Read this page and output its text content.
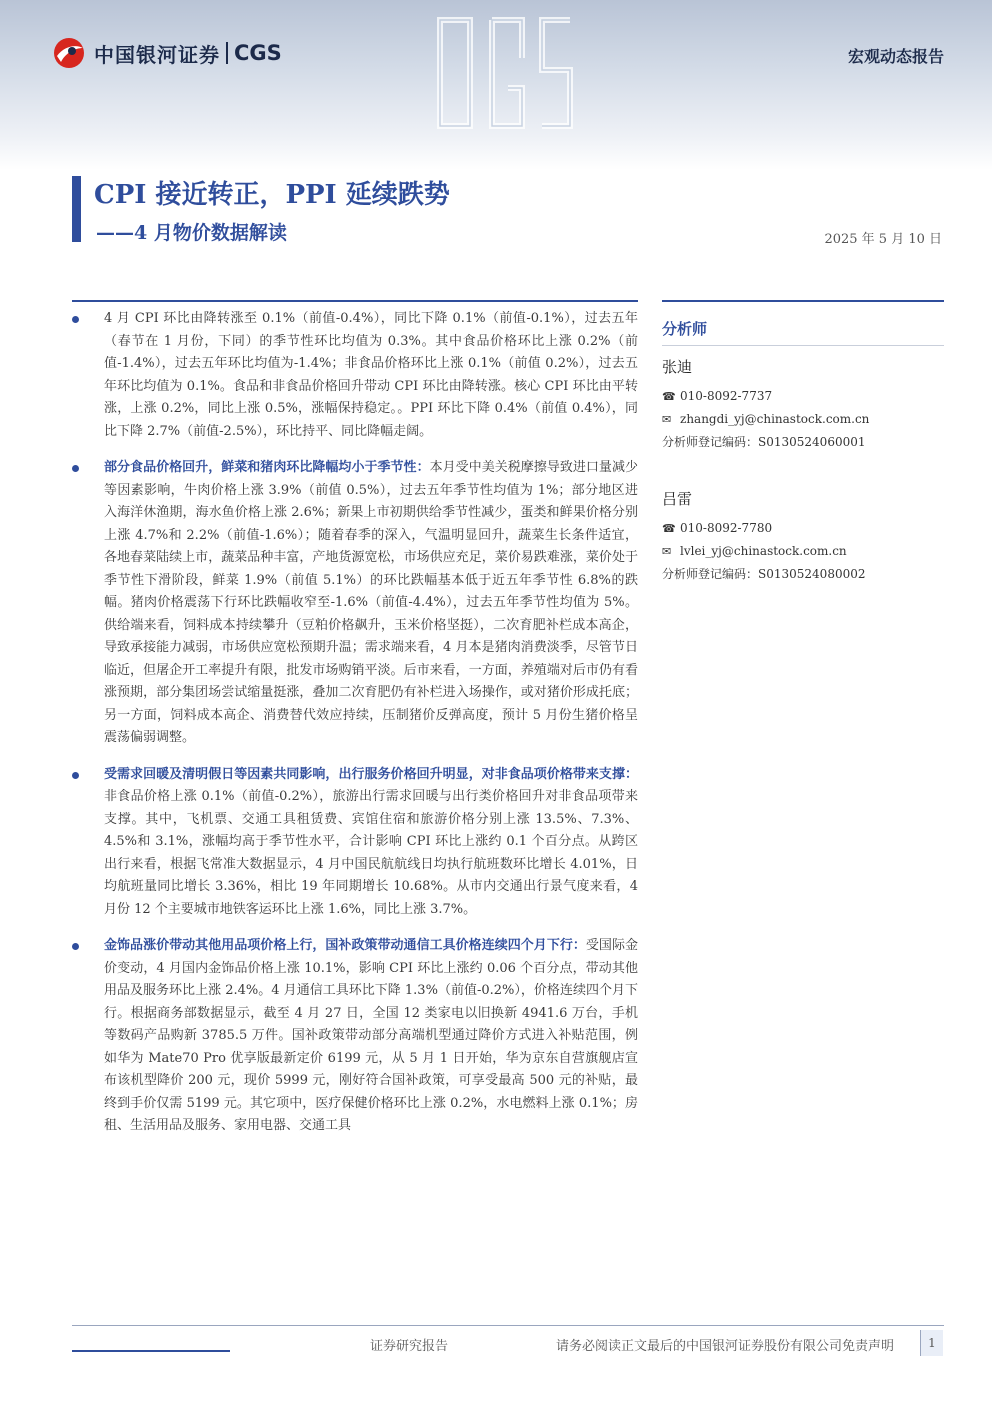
中国银河证券 CGS	宏观动态报告
CPI 接近转正，PPI 延续跌势
——4 月物价数据解读	2025 年 5 月 10 日
4 月 CPI 环比由降转涨至 0.1%（前值-0.4%），同比下降 0.1%（前值-0.1%），过去五年（春节在 1 月份，下同）的季节性环比均值为 0.3%。其中食品价格环比上涨 0.2%（前值-1.4%），过去五年环比均值为-1.4%；非食品价格环比上涨 0.1%（前值 0.2%），过去五年环比均值为 0.1%。食品和非食品价格回升带动 CPI 环比由降转涨。核心 CPI 环比由平转涨，上涨 0.2%，同比上涨 0.5%，涨幅保持稳定。。PPI 环比下降 0.4%（前值 0.4%），同比下降 2.7%（前值-2.5%），环比持平、同比降幅走阔。
部分食品价格回升，鲜菜和猪肉环比降幅均小于季节性：本月受中美关税摩擦导致进口量减少等因素影响，牛肉价格上涨 3.9%（前值 0.5%），过去五年季节性均值为 1%；部分地区进入海洋休渔期，海水鱼价格上涨 2.6%；新果上市初期供给季节性减少，蛋类和鲜果价格分别上涨 4.7%和 2.2%（前值-1.6%）；随着春季的深入，气温明显回升，蔬菜生长条件适宜，各地春菜陆续上市，蔬菜品种丰富，产地货源宽松，市场供应充足，菜价易跌难涨，菜价处于季节性下滑阶段，鲜菜 1.9%（前值 5.1%）的环比跌幅基本低于近五年季节性 6.8%的跌幅。猪肉价格震荡下行环比跌幅收窄至-1.6%（前值-4.4%），过去五年季节性均值为 5%。供给端来看，饲料成本持续攀升（豆粕价格飙升，玉米价格坚挺），二次育肥补栏成本高企，导致承接能力减弱，市场供应宽松预期升温；需求端来看，4 月本是猪肉消费淡季，尽管节日临近，但屠企开工率提升有限，批发市场购销平淡。后市来看，一方面，养殖端对后市仍有看涨预期，部分集团场尝试缩量挺涨，叠加二次育肥仍有补栏进入场操作，或对猪价形成托底；另一方面，饲料成本高企、消费替代效应持续，压制猪价反弹高度，预计 5 月份生猪价格呈震荡偏弱调整。
受需求回暖及清明假日等因素共同影响，出行服务价格回升明显，对非食品项价格带来支撑：非食品价格上涨 0.1%（前值-0.2%），旅游出行需求回暖与出行类价格回升对非食品项带来支撑。其中，飞机票、交通工具租赁费、宾馆住宿和旅游价格分别上涨 13.5%、7.3%、4.5%和 3.1%，涨幅均高于季节性水平，合计影响 CPI 环比上涨约 0.1 个百分点。从跨区出行来看，根据飞常准大数据显示，4 月中国民航航线日均执行航班数环比增长 4.01%，日均航班量同比增长 3.36%，相比 19 年同期增长 10.68%。从市内交通出行景气度来看，4 月份 12 个主要城市地铁客运环比上涨 1.6%，同比上涨 3.7%。
金饰品涨价带动其他用品项价格上行，国补政策带动通信工具价格连续四个月下行：受国际金价变动，4 月国内金饰品价格上涨 10.1%，影响 CPI 环比上涨约 0.06 个百分点，带动其他用品及服务环比上涨 2.4%。4 月通信工具环比下降 1.3%（前值-0.2%），价格连续四个月下行。根据商务部数据显示，截至 4 月 27 日，全国 12 类家电以旧换新 4941.6 万台，手机等数码产品购新 3785.5 万件。国补政策带动部分高端机型通过降价方式进入补贴范围，例如华为 Mate70 Pro 优享版最新定价 6199 元，从 5 月 1 日开始，华为京东自营旗舰店宣布该机型降价 200 元，现价 5999 元，刚好符合国补政策，可享受最高 500 元的补贴，最终到手价仅需 5199 元。其它项中，医疗保健价格环比上涨 0.2%，水电燃料上涨 0.1%；房租、生活用品及服务、家用电器、交通工具
分析师
张迪
☎ 010-8092-7737
✉ zhangdi_yj@chinastock.com.cn
分析师登记编码： S0130524060001
吕雷
☎ 010-8092-7780
✉ lvlei_yj@chinastock.com.cn
分析师登记编码： S0130524080002
证券研究报告	请务必阅读正文最后的中国银河证券股份有限公司免责声明	1
